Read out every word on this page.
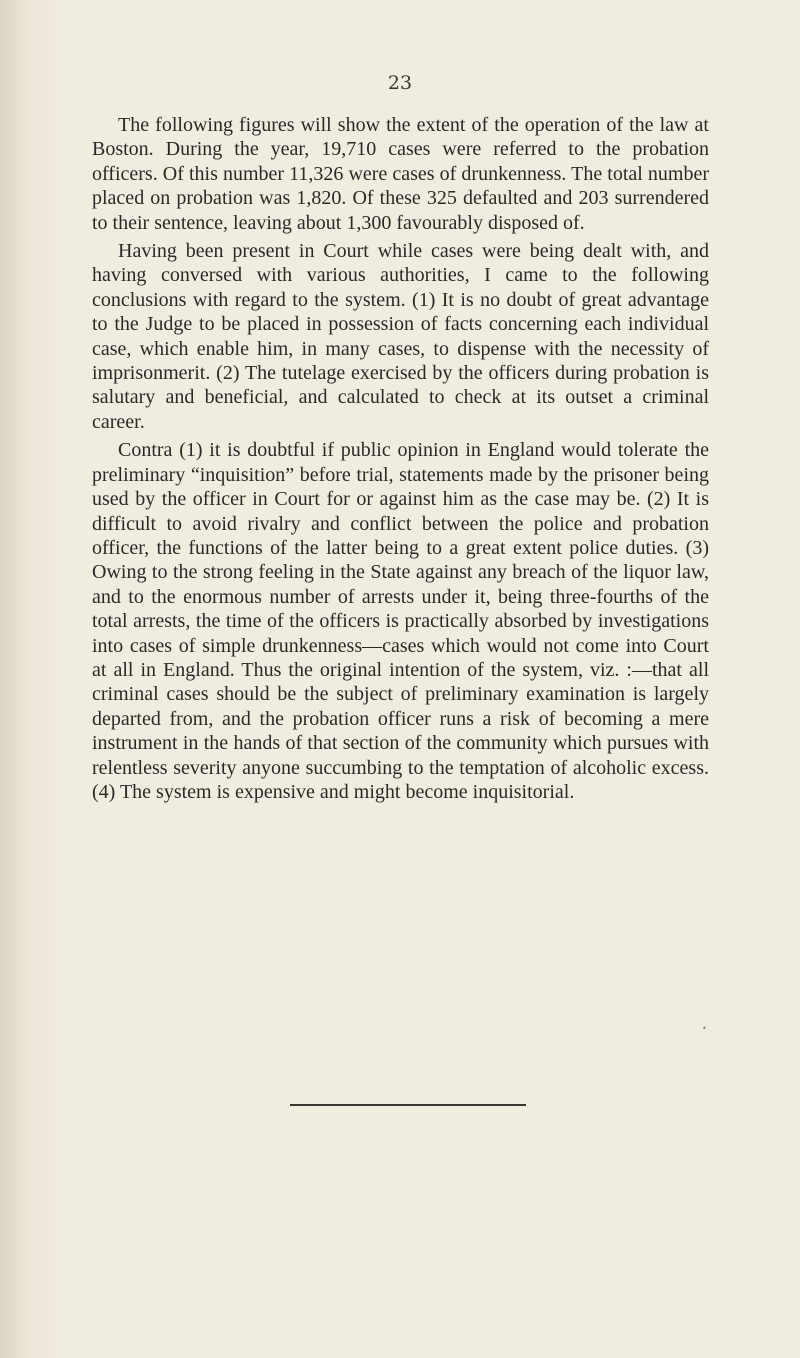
23

The following figures will show the extent of the operation of the law at Boston. During the year, 19,710 cases were referred to the probation officers. Of this number 11,326 were cases of drunkenness. The total number placed on probation was 1,820. Of these 325 defaulted and 203 surrendered to their sentence, leaving about 1,300 favourably disposed of.

Having been present in Court while cases were being dealt with, and having conversed with various authorities, I came to the following conclusions with regard to the system. (1) It is no doubt of great advantage to the Judge to be placed in possession of facts concerning each individual case, which enable him, in many cases, to dispense with the necessity of imprisonmerit. (2) The tutelage exercised by the officers during probation is salutary and beneficial, and calculated to check at its outset a criminal career.

Contra (1) it is doubtful if public opinion in England would tolerate the preliminary “inquisition” before trial, statements made by the prisoner being used by the officer in Court for or against him as the case may be. (2) It is difficult to avoid rivalry and conflict between the police and probation officer, the functions of the latter being to a great extent police duties. (3) Owing to the strong feeling in the State against any breach of the liquor law, and to the enormous number of arrests under it, being three-fourths of the total arrests, the time of the officers is practically absorbed by investigations into cases of simple drunkenness—cases which would not come into Court at all in England. Thus the original intention of the system, viz. :—that all criminal cases should be the subject of preliminary examination is largely departed from, and the probation officer runs a risk of becoming a mere instrument in the hands of that section of the community which pursues with relentless severity anyone succumbing to the temptation of alcoholic excess. (4) The system is expensive and might become inquisitorial.

•
